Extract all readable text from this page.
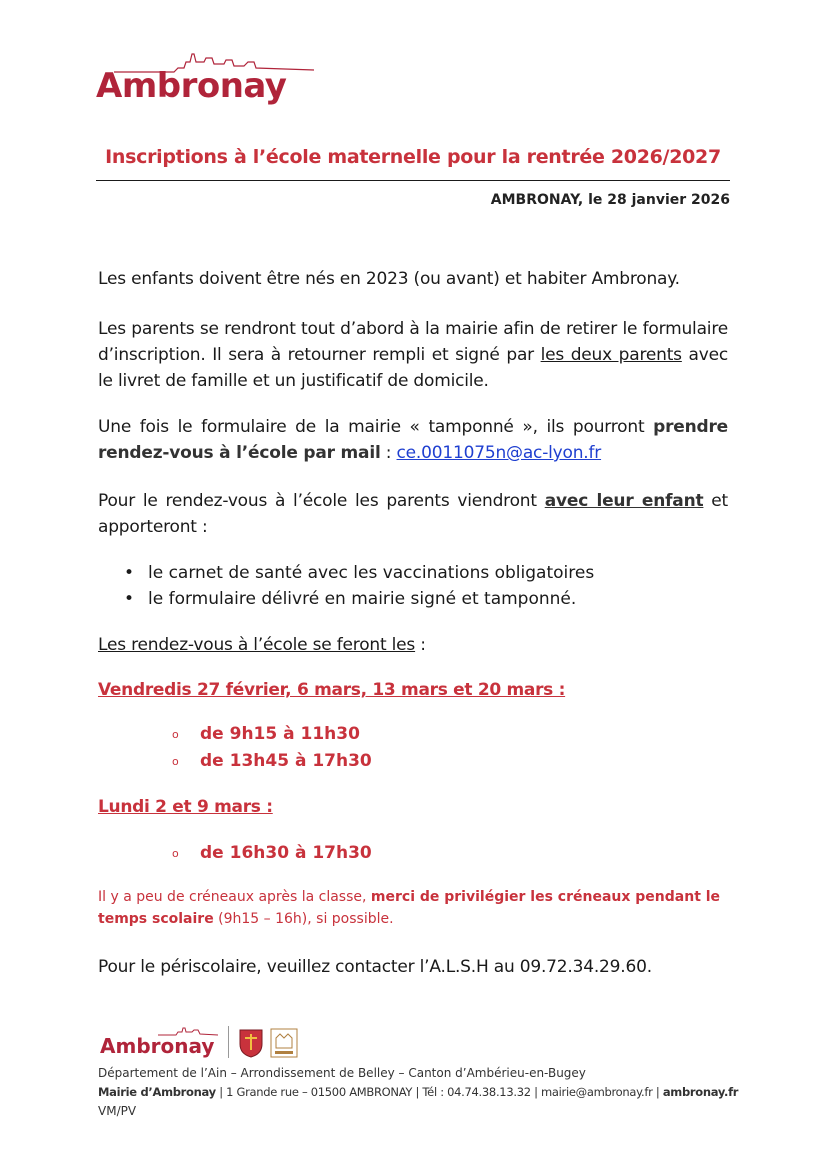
Ambronay
Inscriptions à l’école maternelle pour la rentrée 2026/2027
AMBRONAY, le 28 janvier 2026
Les enfants doivent être nés en 2023 (ou avant) et habiter Ambronay.
Les parents se rendront tout d’abord à la mairie afin de retirer le formulaire d’inscription. Il sera à retourner rempli et signé par les deux parents avec le livret de famille et un justificatif de domicile.
Une fois le formulaire de la mairie « tamponné », ils pourront prendre rendez-vous à l’école par mail : ce.0011075n@ac-lyon.fr
Pour le rendez-vous à l’école les parents viendront avec leur enfant et apporteront :
• le carnet de santé avec les vaccinations obligatoires
• le formulaire délivré en mairie signé et tamponné.
Les rendez-vous à l’école se feront les :
Vendredis 27 février, 6 mars, 13 mars et 20 mars :
o de 9h15 à 11h30
o de 13h45 à 17h30
Lundi 2 et 9 mars :
o de 16h30 à 17h30
Il y a peu de créneaux après la classe, merci de privilégier les créneaux pendant le temps scolaire (9h15 – 16h), si possible.
Pour le périscolaire, veuillez contacter l’A.L.S.H au 09.72.34.29.60.
Ambronay
Département de l’Ain – Arrondissement de Belley – Canton d’Ambérieu-en-Bugey
Mairie d’Ambronay | 1 Grande rue – 01500 AMBRONAY | Tél : 04.74.38.13.32 | mairie@ambronay.fr | ambronay.fr
VM/PV
